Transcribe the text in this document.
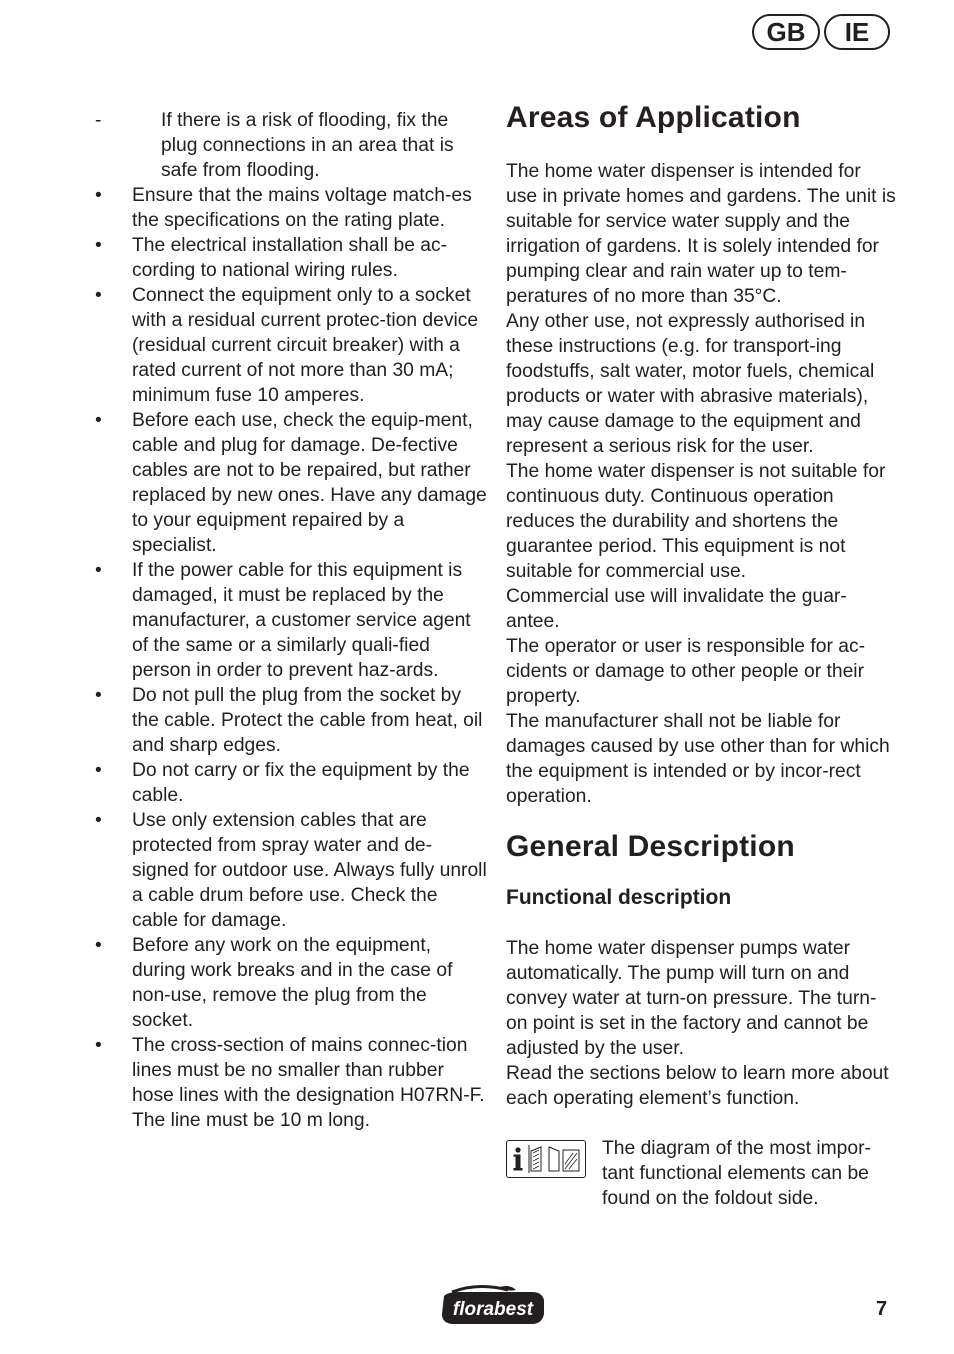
GB	IE
-	If there is a risk of flooding, fix the plug connections in an area that is safe from flooding.
• Ensure that the mains voltage match-es the specifications on the rating plate.
• The electrical installation shall be ac-cording to national wiring rules.
• Connect the equipment only to a socket with a residual current protec-tion device (residual current circuit breaker) with a rated current of not more than 30 mA; minimum fuse 10 amperes.
• Before each use, check the equip-ment, cable and plug for damage. De-fective cables are not to be repaired, but rather replaced by new ones. Have any damage to your equipment repaired by a specialist.
• If the power cable for this equipment is damaged, it must be replaced by the manufacturer, a customer service agent of the same or a similarly quali-fied person in order to prevent haz-ards.
• Do not pull the plug from the socket by the cable. Protect the cable from heat, oil and sharp edges.
• Do not carry or fix the equipment by the cable.
• Use only extension cables that are protected from spray water and de-signed for outdoor use. Always fully unroll a cable drum before use. Check the cable for damage.
• Before any work on the equipment, during work breaks and in the case of non-use, remove the plug from the socket.
• The cross-section of mains connec-tion lines must be no smaller than rubber hose lines with the designation H07RN-F. The line must be 10 m long.
Areas of Application

The home water dispenser is intended for use in private homes and gardens. The unit is suitable for service water supply and the irrigation of gardens. It is solely intended for pumping clear and rain water up to tem-peratures of no more than 35°C.

Any other use, not expressly authorised in these instructions (e.g. for transport-ing foodstuffs, salt water, motor fuels, chemical products or water with abrasive materials), may cause damage to the equipment and represent a serious risk for the user.

The home water dispenser is not suitable for continuous duty. Continuous operation reduces the durability and shortens the guarantee period. This equipment is not suitable for commercial use.

Commercial use will invalidate the guar-antee.

The operator or user is responsible for ac-cidents or damage to other people or their property.

The manufacturer shall not be liable for damages caused by use other than for which the equipment is intended or by incor-rect operation.

General Description
Functional description

The home water dispenser pumps water automatically. The pump will turn on and convey water at turn-on pressure. The turn-on point is set in the factory and cannot be adjusted by the user.

Read the sections below to learn more about each operating element’s function.

The diagram of the most impor-tant functional elements can be found on the foldout side.
florabest	7
